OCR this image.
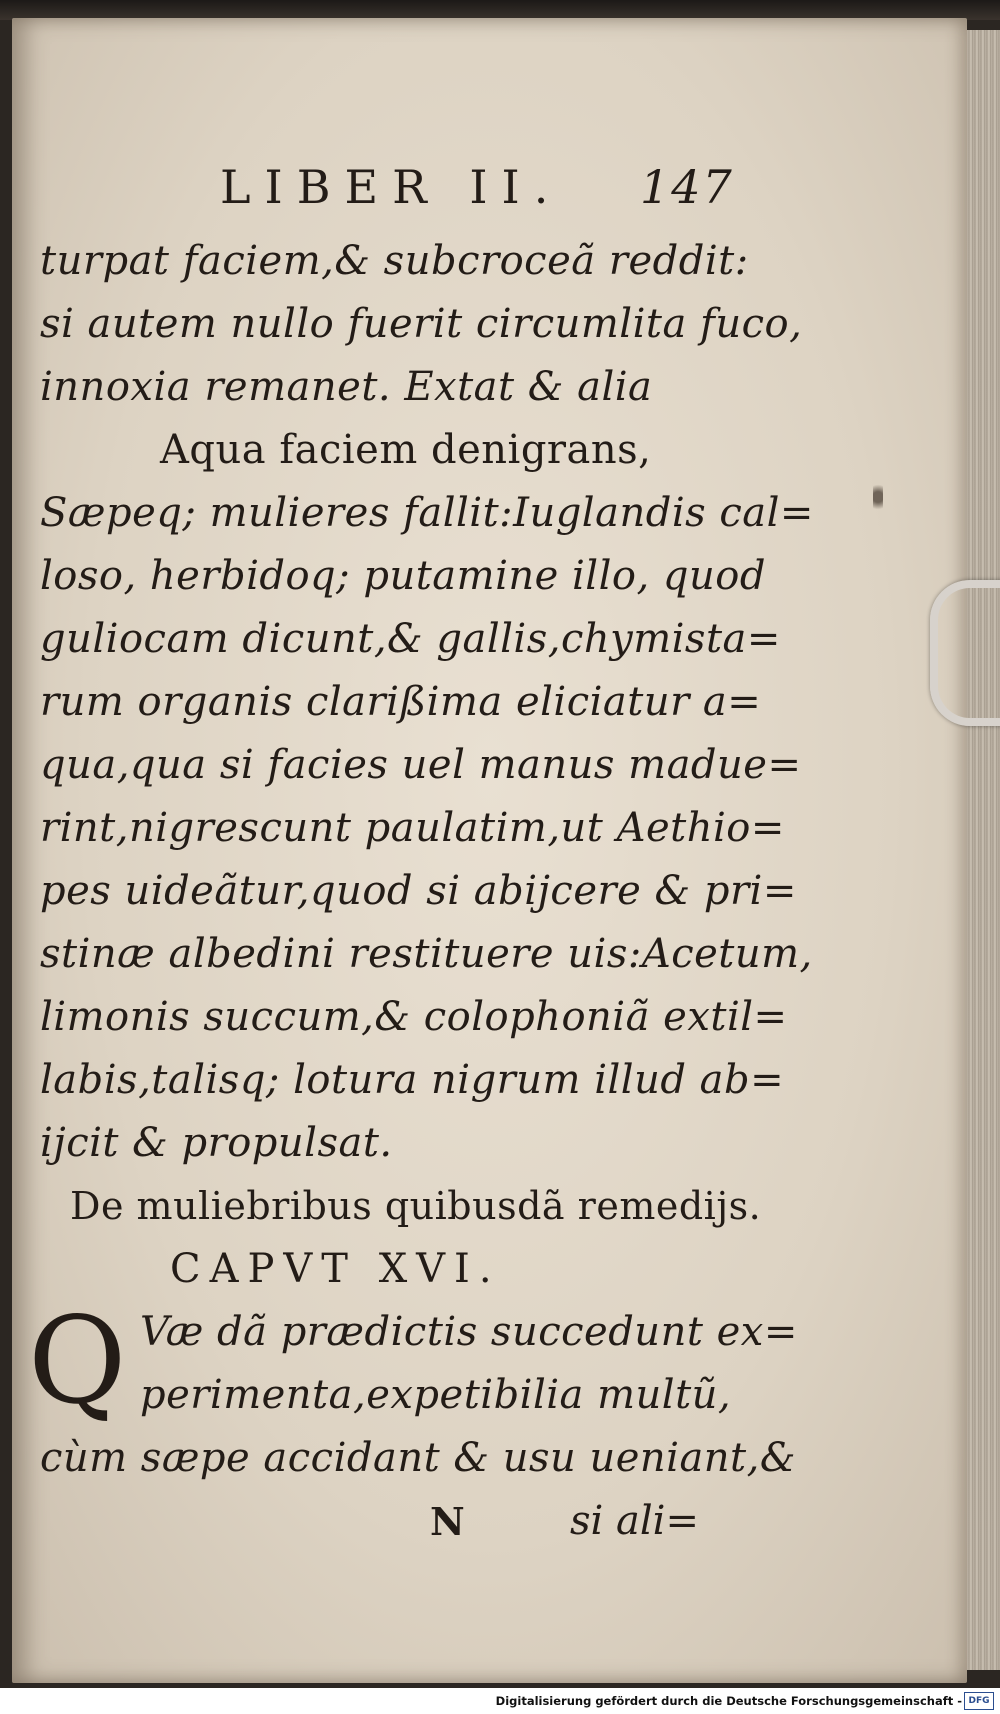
LIBER II. 147
turpat faciem,& subcroceã reddit:
si autem nullo fuerit circumlita fuco,
innoxia remanet. Extat & alia
Aqua faciem denigrans,
Sæpeq; mulieres fallit:Iuglandis cal=
loso, herbidoq; putamine illo, quod
guliocam dicunt,& gallis,chymista=
rum organis clarißima eliciatur a=
qua,qua si facies uel manus madue=
rint,nigrescunt paulatim,ut Aethio=
pes uideãtur,quod si abijcere & pri=
stinæ albedini restituere uis:Acetum,
limonis succum,& colophoniã extil=
labis,talisq; lotura nigrum illud ab=
ijcit & propulsat.
De muliebribus quibusdã remedijs.
CAPVT XVI.
Q Væ dã prædictis succedunt ex=
perimenta,expetibilia multũ,
cùm sæpe accidant & usu ueniant,&
N	si ali=
Digitalisierung gefördert durch die Deutsche Forschungsgemeinschaft - DFG
